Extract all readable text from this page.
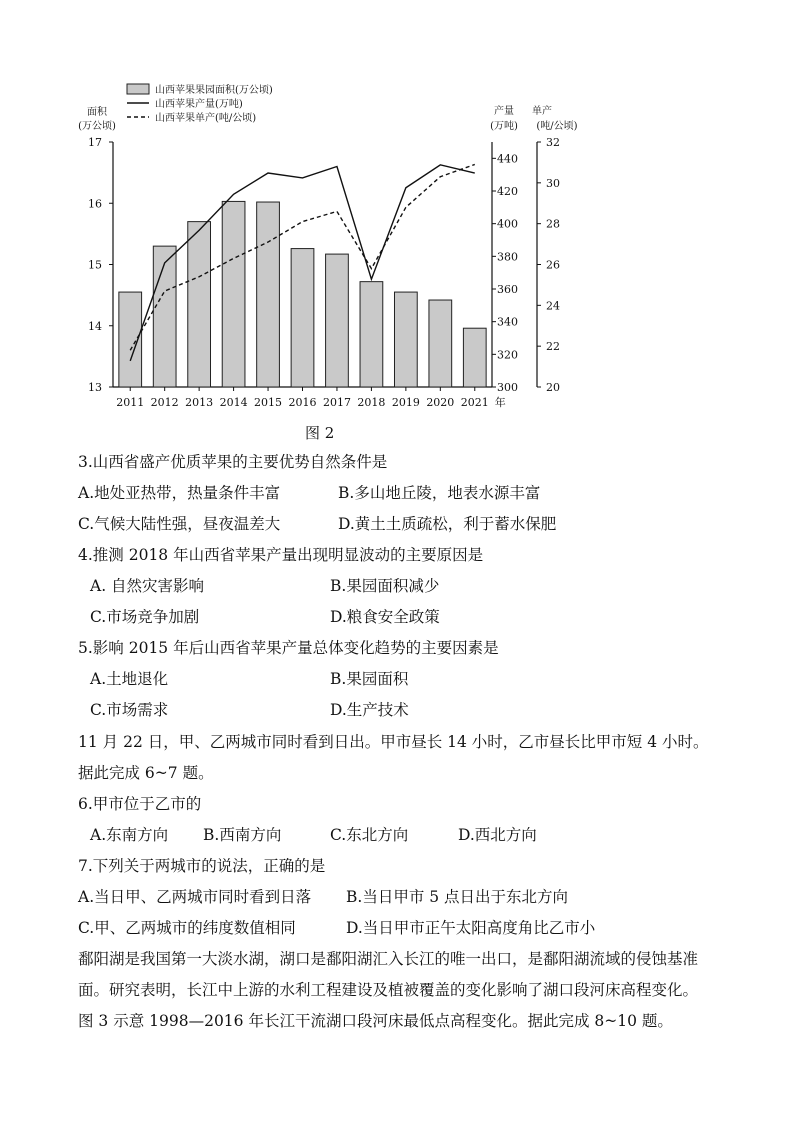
2011 2012 2013 2014 2015 2016 2017 2018 2019 2020 2021 年
13
14
15
16
17
面积
(万公顷)
300
320
340
360
380
400
420
440
产量
(万吨)
20
22
24
26
28
30
32
单产
(吨/公顷)
山西苹果果园面积(万公顷)
山西苹果产量(万吨)
山西苹果单产(吨/公顷)
图 2
3.山西省盛产优质苹果的主要优势自然条件是
A.地处亚热带，热量条件丰富	B.多山地丘陵，地表水源丰富
C.气候大陆性强，昼夜温差大	D.黄土土质疏松，利于蓄水保肥
4.推测 2018 年山西省苹果产量出现明显波动的主要原因是
A. 自然灾害影响	B.果园面积减少
C.市场竞争加剧	D.粮食安全政策
5.影响 2015 年后山西省苹果产量总体变化趋势的主要因素是
A.土地退化	B.果园面积
C.市场需求	D.生产技术
11 月 22 日，甲、乙两城市同时看到日出。甲市昼长 14 小时，乙市昼长比甲市短 4 小时。
据此完成 6~7 题。
6.甲市位于乙市的
A.东南方向 B.西南方向	C.东北方向	D.西北方向
7.下列关于两城市的说法，正确的是
A.当日甲、乙两城市同时看到日落 B.当日甲市 5 点日出于东北方向
C.甲、乙两城市的纬度数值相同	D.当日甲市正午太阳高度角比乙市小
鄱阳湖是我国第一大淡水湖，湖口是鄱阳湖汇入长江的唯一出口，是鄱阳湖流域的侵蚀基准
面。研究表明，长江中上游的水利工程建设及植被覆盖的变化影响了湖口段河床高程变化。
图 3 示意 1998—2016 年长江干流湖口段河床最低点高程变化。据此完成 8~10 题。
